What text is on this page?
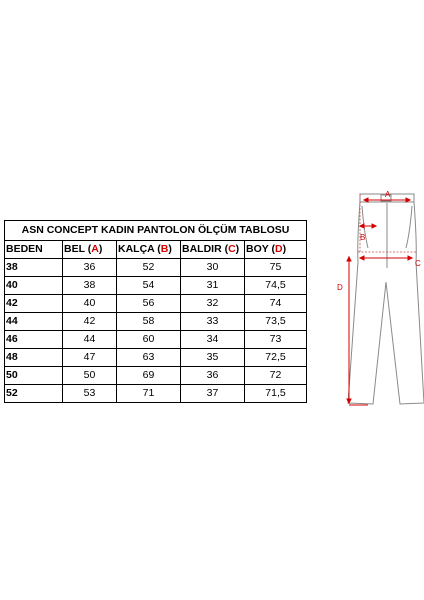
ASN CONCEPT KADIN PANTOLON ÖLÇÜM TABLOSU				
BEDEN	BEL (A)	KALÇA (B)	BALDIR (C)	BOY (D)
38	36	52	30	75
40	38	54	31	74,5
42	40	56	32	74
44	42	58	33	73,5
46	44	60	34	73
48	47	63	35	72,5
50	50	69	36	72
52	53	71	37	71,5
A
B
C
D
